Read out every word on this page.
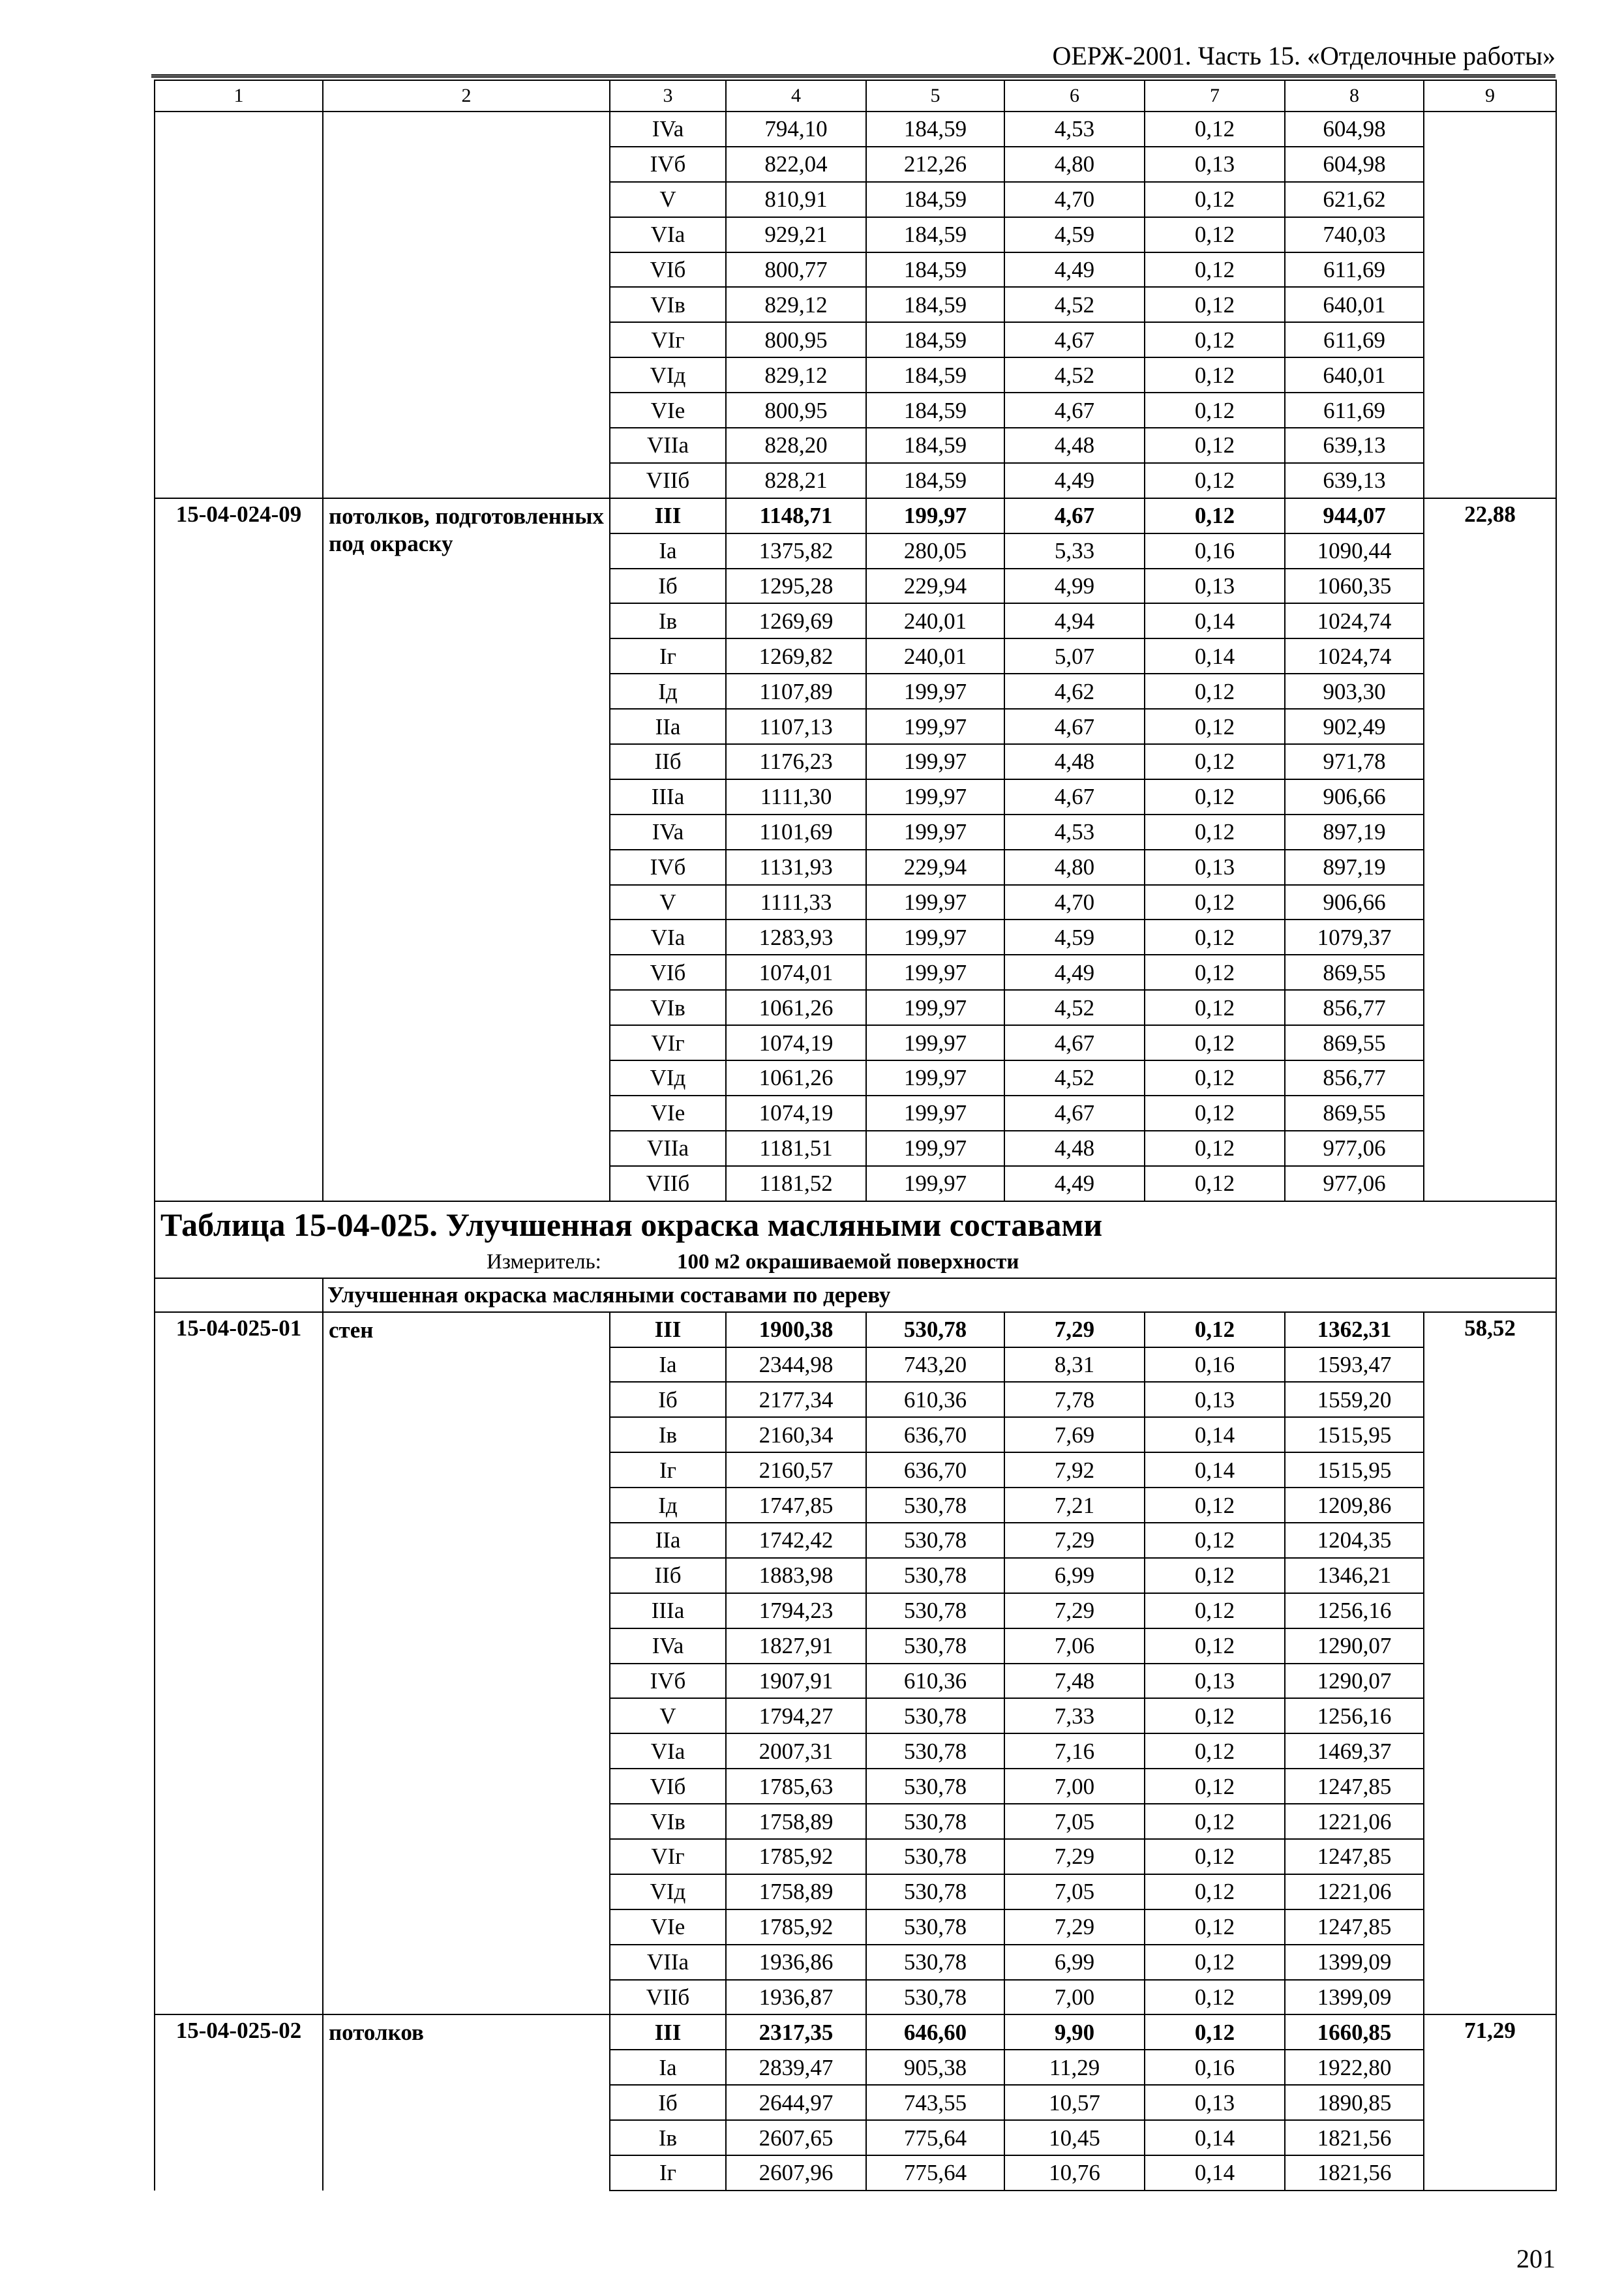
ОЕРЖ-2001. Часть 15. «Отделочные работы»
1	2	3	4	5	6	7	8	9
		IVa	794,10	184,59	4,53	0,12	604,98	
		IVб	822,04	212,26	4,80	0,13	604,98	
		V	810,91	184,59	4,70	0,12	621,62	
		VIa	929,21	184,59	4,59	0,12	740,03	
		VIб	800,77	184,59	4,49	0,12	611,69	
		VIв	829,12	184,59	4,52	0,12	640,01	
		VIг	800,95	184,59	4,67	0,12	611,69	
		VIд	829,12	184,59	4,52	0,12	640,01	
		VIe	800,95	184,59	4,67	0,12	611,69	
		VIIa	828,20	184,59	4,48	0,12	639,13	
		VIIб	828,21	184,59	4,49	0,12	639,13	
15-04-024-09	потолков, подготовленных под окраску	III	1148,71	199,97	4,67	0,12	944,07	22,88
		Ia	1375,82	280,05	5,33	0,16	1090,44	
		Iб	1295,28	229,94	4,99	0,13	1060,35	
		Iв	1269,69	240,01	4,94	0,14	1024,74	
		Iг	1269,82	240,01	5,07	0,14	1024,74	
		Iд	1107,89	199,97	4,62	0,12	903,30	
		IIa	1107,13	199,97	4,67	0,12	902,49	
		IIб	1176,23	199,97	4,48	0,12	971,78	
		IIIa	1111,30	199,97	4,67	0,12	906,66	
		IVa	1101,69	199,97	4,53	0,12	897,19	
		IVб	1131,93	229,94	4,80	0,13	897,19	
		V	1111,33	199,97	4,70	0,12	906,66	
		VIa	1283,93	199,97	4,59	0,12	1079,37	
		VIб	1074,01	199,97	4,49	0,12	869,55	
		VIв	1061,26	199,97	4,52	0,12	856,77	
		VIг	1074,19	199,97	4,67	0,12	869,55	
		VIд	1061,26	199,97	4,52	0,12	856,77	
		VIe	1074,19	199,97	4,67	0,12	869,55	
		VIIa	1181,51	199,97	4,48	0,12	977,06	
		VIIб	1181,52	199,97	4,49	0,12	977,06	

Таблица 15-04-025. Улучшенная окраска масляными составами
Измеритель: 100 м2 окрашиваемой поверхности								

	Улучшенная окраска масляными составами по дереву							
15-04-025-01	стен	III	1900,38	530,78	7,29	0,12	1362,31	58,52
		Ia	2344,98	743,20	8,31	0,16	1593,47	
		Iб	2177,34	610,36	7,78	0,13	1559,20	
		Iв	2160,34	636,70	7,69	0,14	1515,95	
		Iг	2160,57	636,70	7,92	0,14	1515,95	
		Iд	1747,85	530,78	7,21	0,12	1209,86	
		IIa	1742,42	530,78	7,29	0,12	1204,35	
		IIб	1883,98	530,78	6,99	0,12	1346,21	
		IIIa	1794,23	530,78	7,29	0,12	1256,16	
		IVa	1827,91	530,78	7,06	0,12	1290,07	
		IVб	1907,91	610,36	7,48	0,13	1290,07	
		V	1794,27	530,78	7,33	0,12	1256,16	
		VIa	2007,31	530,78	7,16	0,12	1469,37	
		VIб	1785,63	530,78	7,00	0,12	1247,85	
		VIв	1758,89	530,78	7,05	0,12	1221,06	
		VIг	1785,92	530,78	7,29	0,12	1247,85	
		VIд	1758,89	530,78	7,05	0,12	1221,06	
		VIe	1785,92	530,78	7,29	0,12	1247,85	
		VIIa	1936,86	530,78	6,99	0,12	1399,09	
		VIIб	1936,87	530,78	7,00	0,12	1399,09	
15-04-025-02	потолков	III	2317,35	646,60	9,90	0,12	1660,85	71,29
		Ia	2839,47	905,38	11,29	0,16	1922,80	
		Iб	2644,97	743,55	10,57	0,13	1890,85	
		Iв	2607,65	775,64	10,45	0,14	1821,56	
		Iг	2607,96	775,64	10,76	0,14	1821,56	
201
